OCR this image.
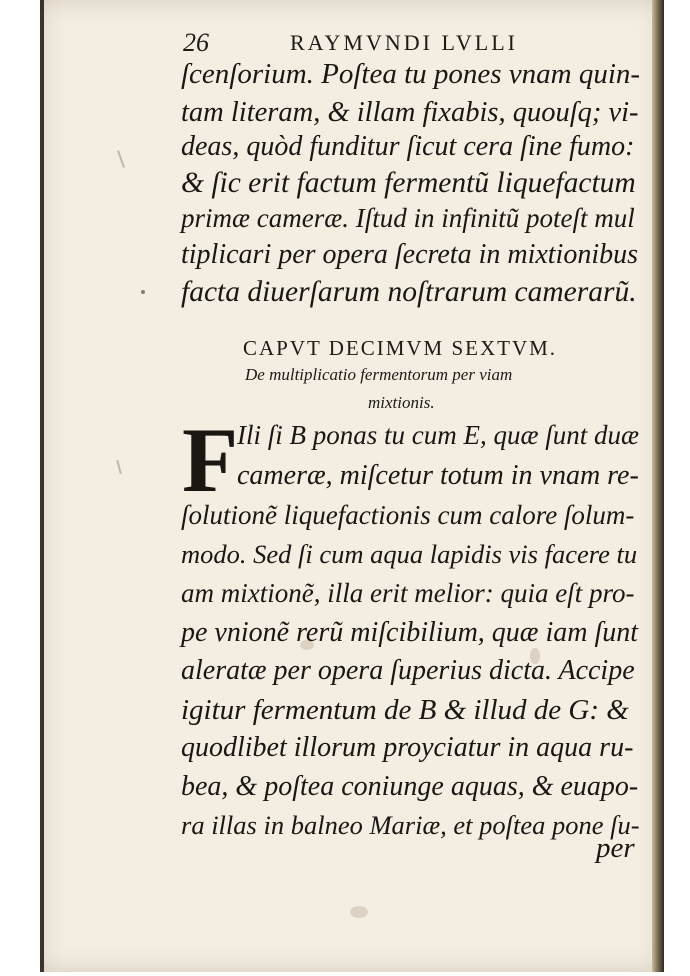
26	RAYMVNDI LVLLI
ſcenſorium. Poſtea tu pones vnam quin-
tam literam, & illam fixabis, quouſq; vi-
deas, quòd funditur ſicut cera ſine fumo:
& ſic erit factum fermentũ liquefactum
primæ cameræ. Iſtud in infinitũ poteſt mul
tiplicari per opera ſecreta in mixtionibus
facta diuerſarum noſtrarum camerarũ.
CAPVT DECIMVM SEXTVM.
De multiplicatio fermentorum per viam
mixtionis.
F
Ili ſi B ponas tu cum E, quæ ſunt duæ
cameræ, miſcetur totum in vnam re-
ſolutionẽ liquefactionis cum calore ſolum-
modo. Sed ſi cum aqua lapidis vis facere tu
am mixtionẽ, illa erit melior: quia eſt pro-
pe vnionẽ rerũ miſcibilium, quæ iam ſunt
aleratæ per opera ſuperius dicta. Accipe
igitur fermentum de B & illud de G: &
quodlibet illorum proyciatur in aqua ru-
bea, & poſtea coniunge aquas, & euapo-
ra illas in balneo Mariæ, et poſtea pone ſu-
per
